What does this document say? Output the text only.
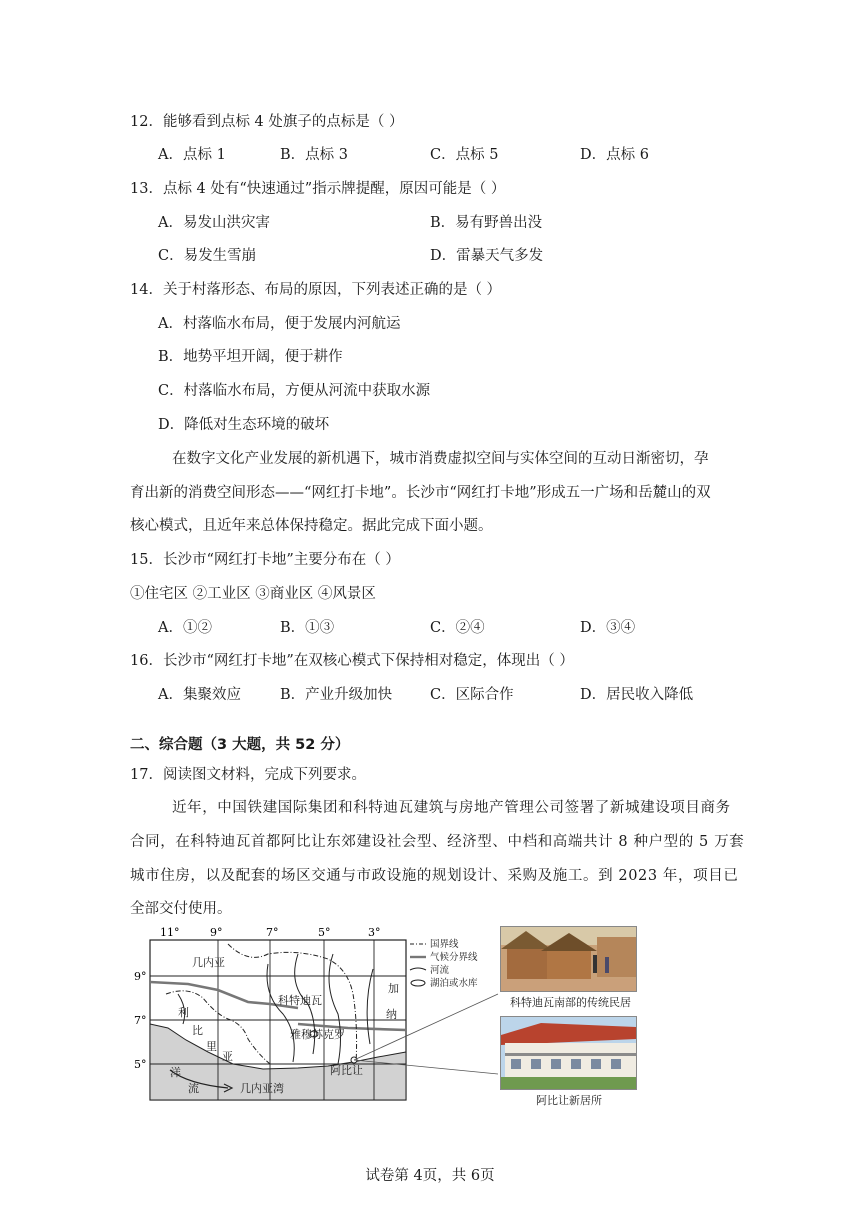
12．能够看到点标 4 处旗子的点标是（ ）
A．点标 1	B．点标 3	C．点标 5	D．点标 6
13．点标 4 处有“快速通过”指示牌提醒，原因可能是（ ）
A．易发山洪灾害	B．易有野兽出没
C．易发生雪崩	D．雷暴天气多发
14．关于村落形态、布局的原因，下列表述正确的是（ ）
A．村落临水布局，便于发展内河航运
B．地势平坦开阔，便于耕作
C．村落临水布局，方便从河流中获取水源
D．降低对生态环境的破坏
在数字文化产业发展的新机遇下，城市消费虚拟空间与实体空间的互动日渐密切，孕
育出新的消费空间形态——“网红打卡地”。长沙市“网红打卡地”形成五一广场和岳麓山的双
核心模式，且近年来总体保持稳定。据此完成下面小题。
15．长沙市“网红打卡地”主要分布在（ ）
①住宅区 ②工业区 ③商业区 ④风景区
A．①②	B．①③	C．②④	D．③④
16．长沙市“网红打卡地”在双核心模式下保持相对稳定，体现出（ ）
A．集聚效应	B．产业升级加快	C．区际合作	D．居民收入降低
二、综合题（3 大题，共 52 分）
17．阅读图文材料，完成下列要求。
近年，中国铁建国际集团和科特迪瓦建筑与房地产管理公司签署了新城建设项目商务
合同，在科特迪瓦首都阿比让东郊建设社会型、经济型、中档和高端共计 8 种户型的 5 万套
城市住房，以及配套的场区交通与市政设施的规划设计、采购及施工。到 2023 年，项目已
全部交付使用。
11°	9°	7°	5°	3°
9°
7°
5°
几内亚
科特迪瓦
利
比
里
亚
加
纳
雅穆苏克罗
阿比让
洋
流	几内亚湾
国界线
气候分界线
河流
湖泊或水库
科特迪瓦南部的传统民居
阿比让新居所
试卷第 4页，共 6页
